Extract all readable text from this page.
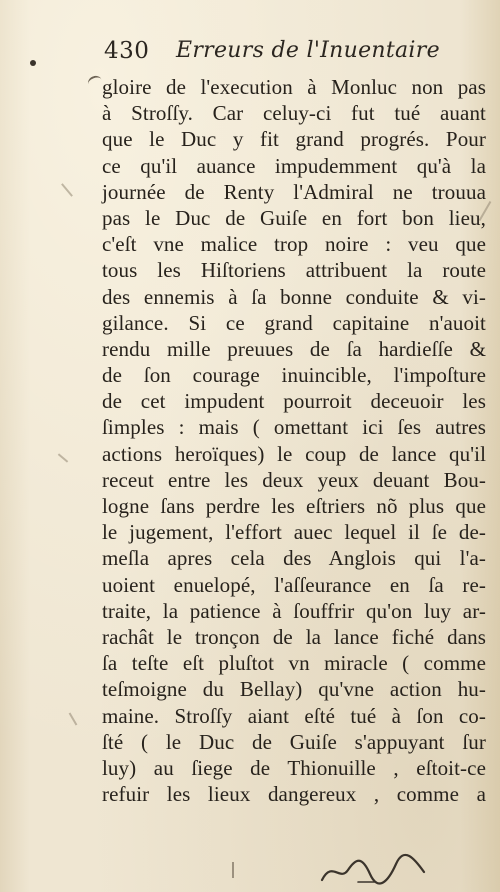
430 Erreurs de l'Inuentaire
gloire de l'execution à Monluc non pas
à Stroſſy. Car celuy-ci fut tué auant
que le Duc y fit grand progrés. Pour
ce qu'il auance impudemment qu'à la
journée de Renty l'Admiral ne trouua
pas le Duc de Guiſe en fort bon lieu,
c'eſt vne malice trop noire : veu que
tous les Hiſtoriens attribuent la route
des ennemis à ſa bonne conduite & vi-
gilance. Si ce grand capitaine n'auoit
rendu mille preuues de ſa hardieſſe &
de ſon courage inuincible, l'impoſture
de cet impudent pourroit deceuoir les
ſimples : mais ( omettant ici ſes autres
actions heroïques) le coup de lance qu'il
receut entre les deux yeux deuant Bou-
logne ſans perdre les eſtriers nõ plus que
le jugement, l'effort auec lequel il ſe de-
meſla apres cela des Anglois qui l'a-
uoient enuelopé, l'aſſeurance en ſa re-
traite, la patience à ſouffrir qu'on luy ar-
rachât le tronçon de la lance fiché dans
ſa teſte eſt pluſtot vn miracle ( comme
teſmoigne du Bellay) qu'vne action hu-
maine. Stroſſy aiant eſté tué à ſon co-
ſté ( le Duc de Guiſe s'appuyant ſur
luy) au ſiege de Thionuille , eſtoit-ce
refuir les lieux dangereux , comme a
